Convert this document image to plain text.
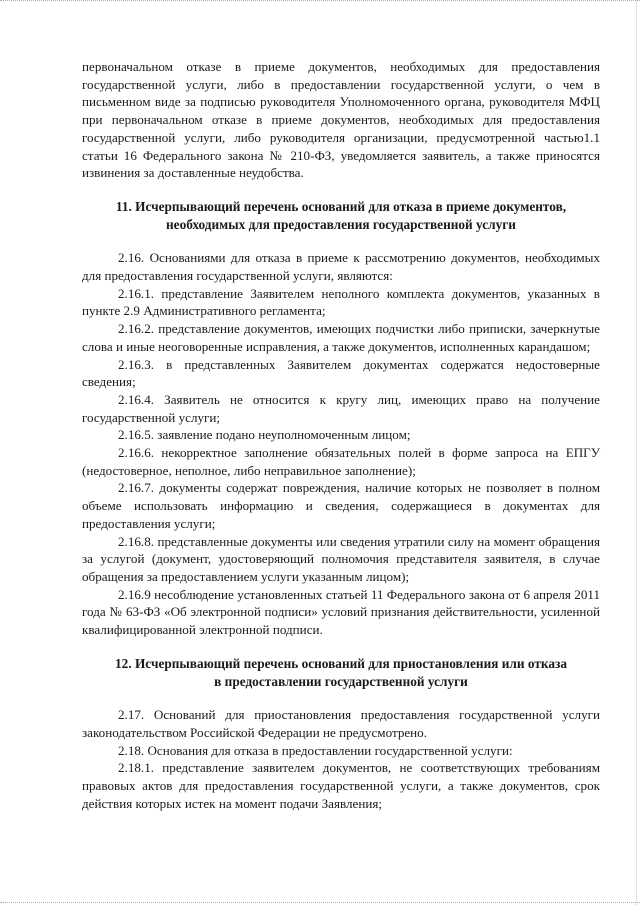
первоначальном отказе в приеме документов, необходимых для предоставления государственной услуги, либо в предоставлении государственной услуги, о чем в письменном виде за подписью руководителя Уполномоченного органа, руководителя МФЦ при первоначальном отказе в приеме документов, необходимых для предоставления государственной услуги, либо руководителя организации, предусмотренной частью1.1 статьи 16 Федерального закона № 210-ФЗ, уведомляется заявитель, а также приносятся извинения за доставленные неудобства.

11. Исчерпывающий перечень оснований для отказа в приеме документов,

необходимых для предоставления государственной услуги

2.16. Основаниями для отказа в приеме к рассмотрению документов, необходимых для предоставления государственной услуги, являются:

2.16.1. представление Заявителем неполного комплекта документов, указанных в пункте 2.9 Административного регламента;

2.16.2. представление документов, имеющих подчистки либо приписки, зачеркнутые слова и иные неоговоренные исправления, а также документов, исполненных карандашом;

2.16.3. в представленных Заявителем документах содержатся недостоверные сведения;

2.16.4. Заявитель не относится к кругу лиц, имеющих право на получение государственной услуги;

2.16.5. заявление подано неуполномоченным лицом;

2.16.6. некорректное заполнение обязательных полей в форме запроса на ЕПГУ (недостоверное, неполное, либо неправильное заполнение);

2.16.7. документы содержат повреждения, наличие которых не позволяет в полном объеме использовать информацию и сведения, содержащиеся в документах для предоставления услуги;

2.16.8. представленные документы или сведения утратили силу на момент обращения за услугой (документ, удостоверяющий полномочия представителя заявителя, в случае обращения за предоставлением услуги указанным лицом);

2.16.9 несоблюдение установленных статьей 11 Федерального закона от 6 апреля 2011 года № 63-ФЗ «Об электронной подписи» условий признания действительности, усиленной квалифицированной электронной подписи.

12. Исчерпывающий перечень оснований для приостановления или отказа

в предоставлении государственной услуги

2.17. Оснований для приостановления предоставления государственной услуги законодательством Российской Федерации не предусмотрено.

2.18. Основания для отказа в предоставлении государственной услуги:

2.18.1. представление заявителем документов, не соответствующих требованиям правовых актов для предоставления государственной услуги, а также документов, срок действия которых истек на момент подачи Заявления;
